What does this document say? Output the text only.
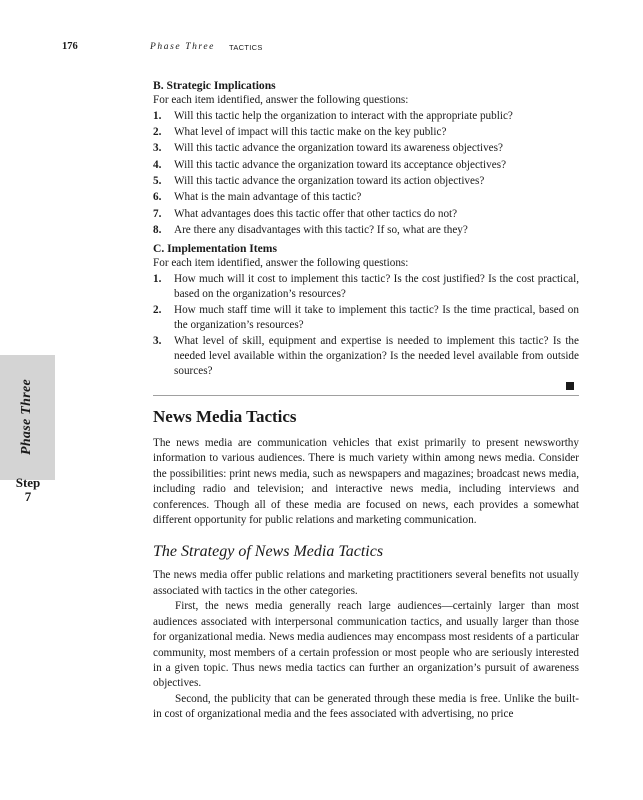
176	Phase Three TACTICS
Phase Three
Step
7
B. Strategic Implications

For each item identified, answer the following questions:

1. Will this tactic help the organization to interact with the appropriate public?
2. What level of impact will this tactic make on the key public?
3. Will this tactic advance the organization toward its awareness objectives?
4. Will this tactic advance the organization toward its acceptance objectives?
5. Will this tactic advance the organization toward its action objectives?
6. What is the main advantage of this tactic?
7. What advantages does this tactic offer that other tactics do not?
8. Are there any disadvantages with this tactic? If so, what are they?
C. Implementation Items

For each item identified, answer the following questions:

1. How much will it cost to implement this tactic? Is the cost justified? Is the cost practical, based on the organization’s resources?
2. How much staff time will it take to implement this tactic? Is the time practical, based on the organization’s resources?
3. What level of skill, equipment and expertise is needed to implement this tactic? Is the needed level available within the organization? Is the needed level available from outside sources?
News Media Tactics

The news media are communication vehicles that exist primarily to present newsworthy information to various audiences. There is much variety within among news media. Consider the possibilities: print news media, such as newspapers and magazines; broadcast news media, including radio and television; and interactive news media, including interviews and conferences. Though all of these media are focused on news, each provides a somewhat different opportunity for public relations and marketing communication.

The Strategy of News Media Tactics

The news media offer public relations and marketing practitioners several benefits not usually associated with tactics in the other categories.

First, the news media generally reach large audiences—certainly larger than most audiences associated with interpersonal communication tactics, and usually larger than those for organizational media. News media audiences may encompass most residents of a particular community, most members of a certain profession or most people who are seriously interested in a given topic. Thus news media tactics can further an organization’s pursuit of awareness objectives.

Second, the publicity that can be generated through these media is free. Unlike the built-in cost of organizational media and the fees associated with advertising, no price
